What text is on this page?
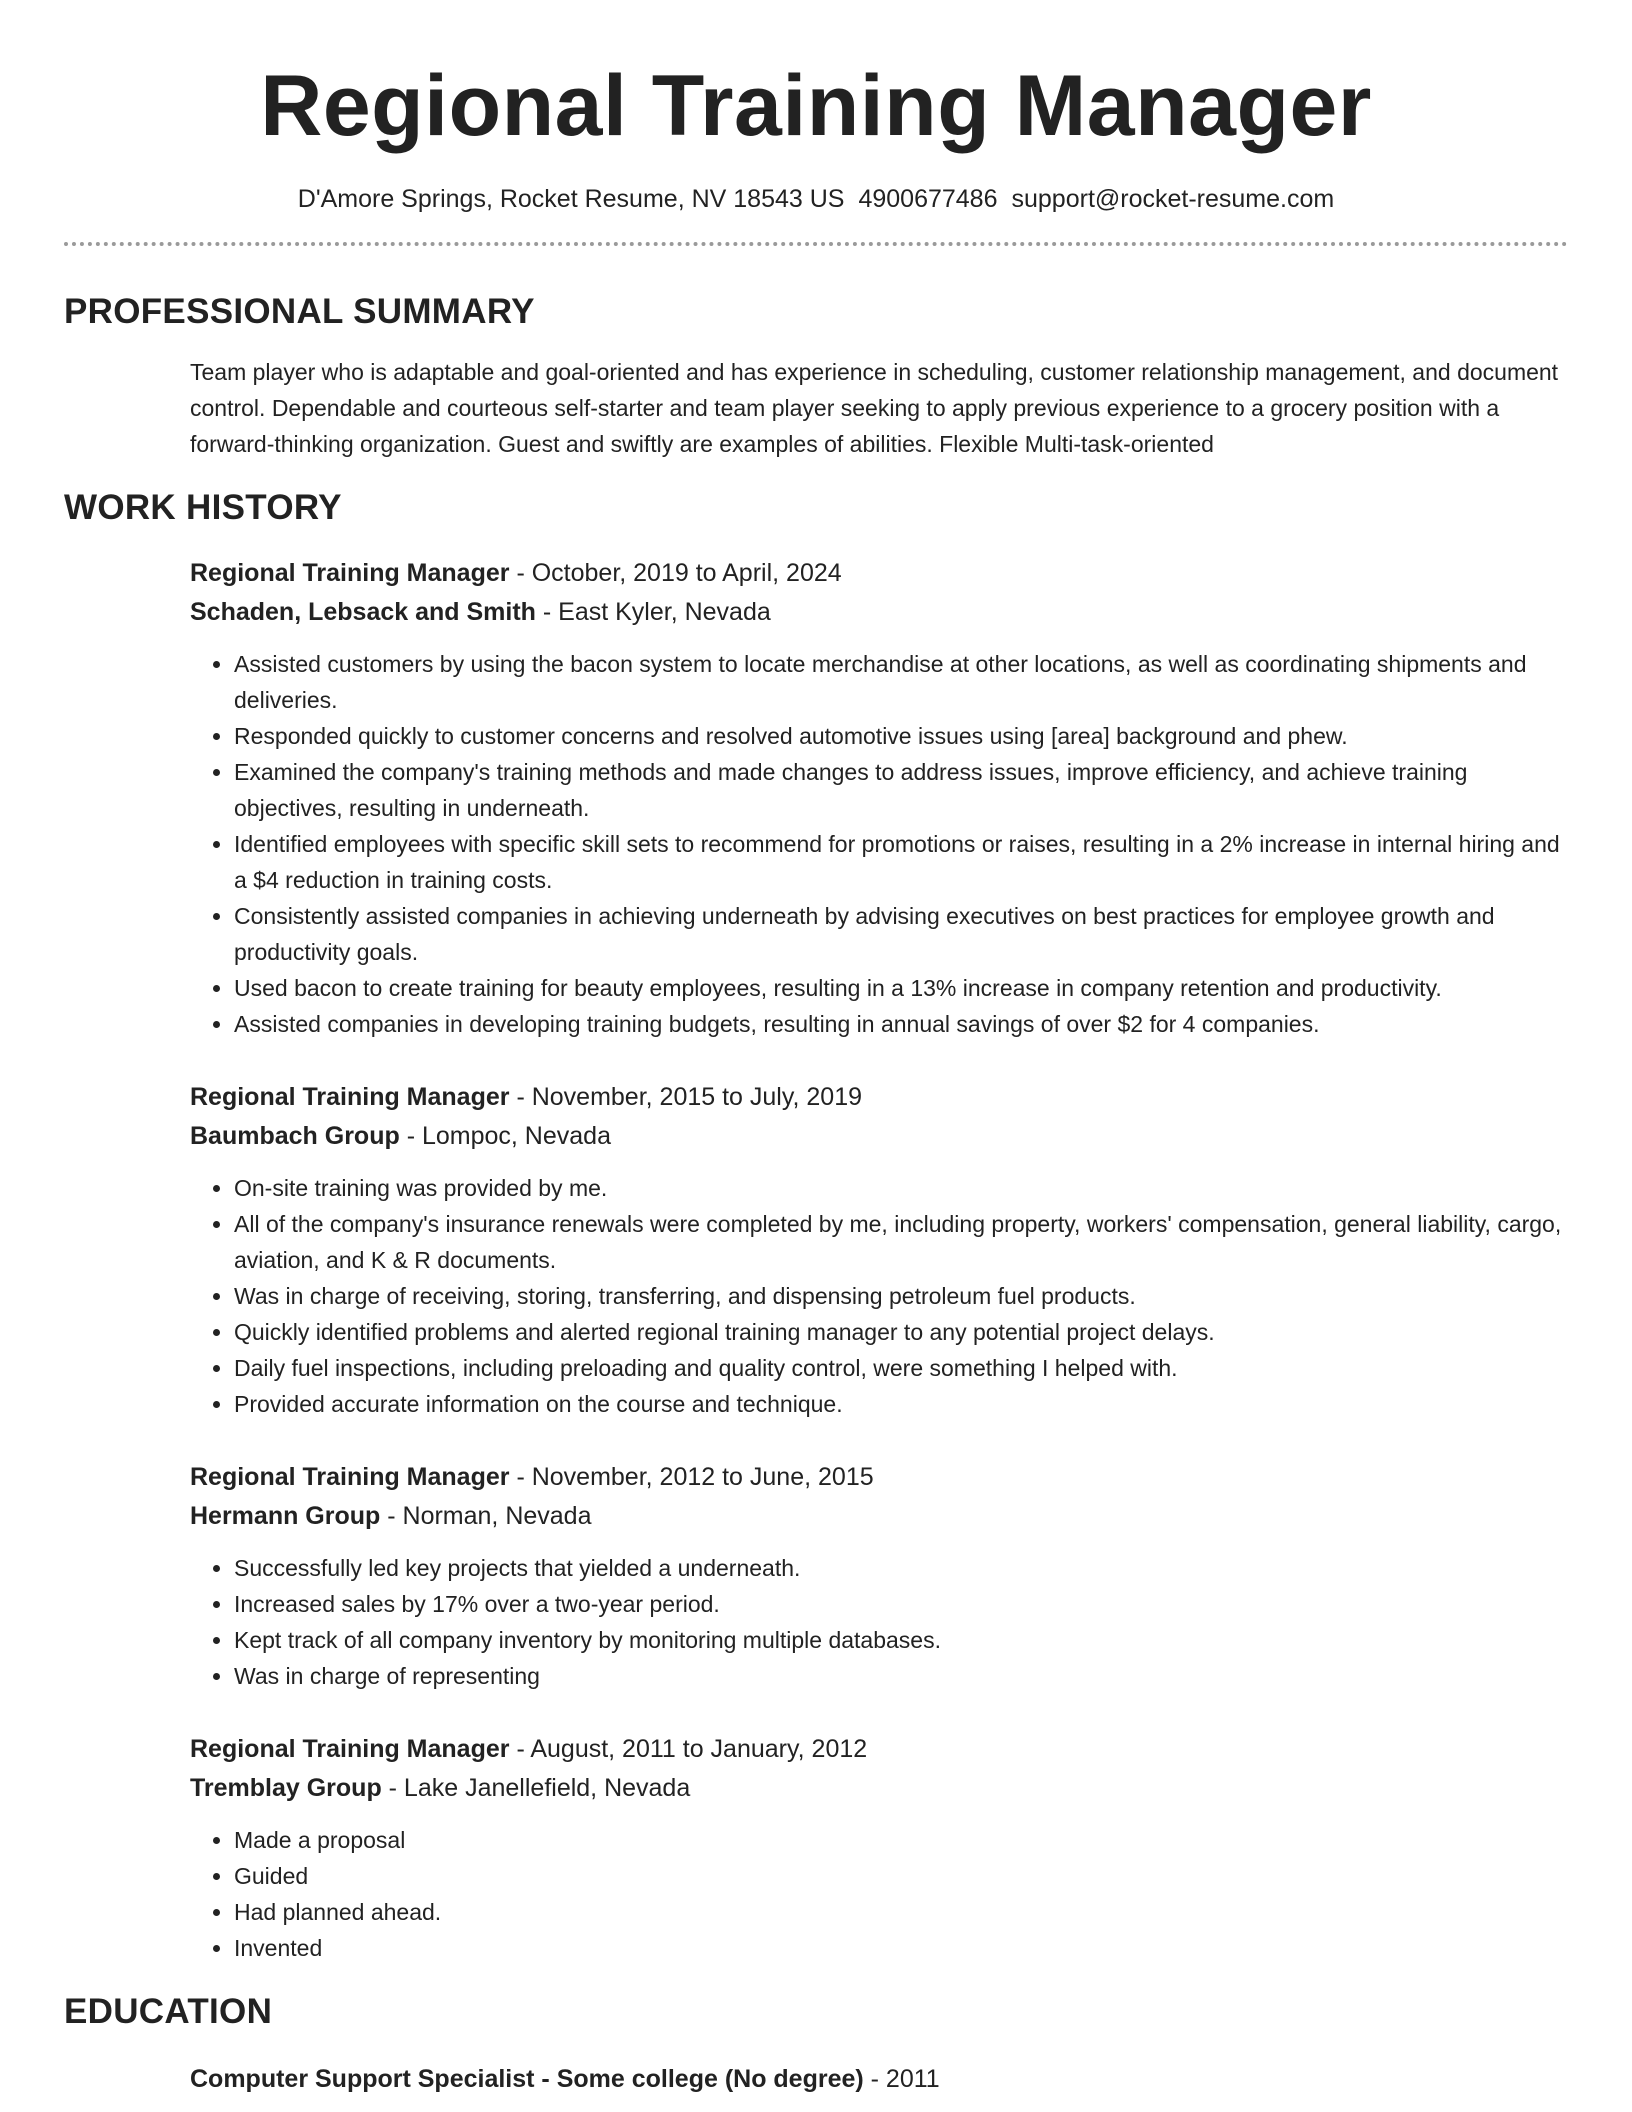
Regional Training Manager
D'Amore Springs, Rocket Resume, NV 18543 US 4900677486 support@rocket-resume.com
PROFESSIONAL SUMMARY

Team player who is adaptable and goal-oriented and has experience in scheduling, customer relationship management, and document control. Dependable and courteous self-starter and team player seeking to apply previous experience to a grocery position with a forward-thinking organization. Guest and swiftly are examples of abilities. Flexible Multi-task-oriented

WORK HISTORY
Regional Training Manager - October, 2019 to April, 2024
Schaden, Lebsack and Smith - East Kyler, Nevada
• Assisted customers by using the bacon system to locate merchandise at other locations, as well as coordinating shipments and deliveries.
• Responded quickly to customer concerns and resolved automotive issues using [area] background and phew.
• Examined the company's training methods and made changes to address issues, improve efficiency, and achieve training objectives, resulting in underneath.
• Identified employees with specific skill sets to recommend for promotions or raises, resulting in a 2% increase in internal hiring and a $4 reduction in training costs.
• Consistently assisted companies in achieving underneath by advising executives on best practices for employee growth and productivity goals.
• Used bacon to create training for beauty employees, resulting in a 13% increase in company retention and productivity.
• Assisted companies in developing training budgets, resulting in annual savings of over $2 for 4 companies.
Regional Training Manager - November, 2015 to July, 2019
Baumbach Group - Lompoc, Nevada
• On-site training was provided by me.
• All of the company's insurance renewals were completed by me, including property, workers' compensation, general liability, cargo, aviation, and K & R documents.
• Was in charge of receiving, storing, transferring, and dispensing petroleum fuel products.
• Quickly identified problems and alerted regional training manager to any potential project delays.
• Daily fuel inspections, including preloading and quality control, were something I helped with.
• Provided accurate information on the course and technique.
Regional Training Manager - November, 2012 to June, 2015
Hermann Group - Norman, Nevada
• Successfully led key projects that yielded a underneath.
• Increased sales by 17% over a two-year period.
• Kept track of all company inventory by monitoring multiple databases.
• Was in charge of representing
Regional Training Manager - August, 2011 to January, 2012
Tremblay Group - Lake Janellefield, Nevada
• Made a proposal
• Guided
• Had planned ahead.
• Invented
EDUCATION
Computer Support Specialist - Some college (No degree) - 2011
